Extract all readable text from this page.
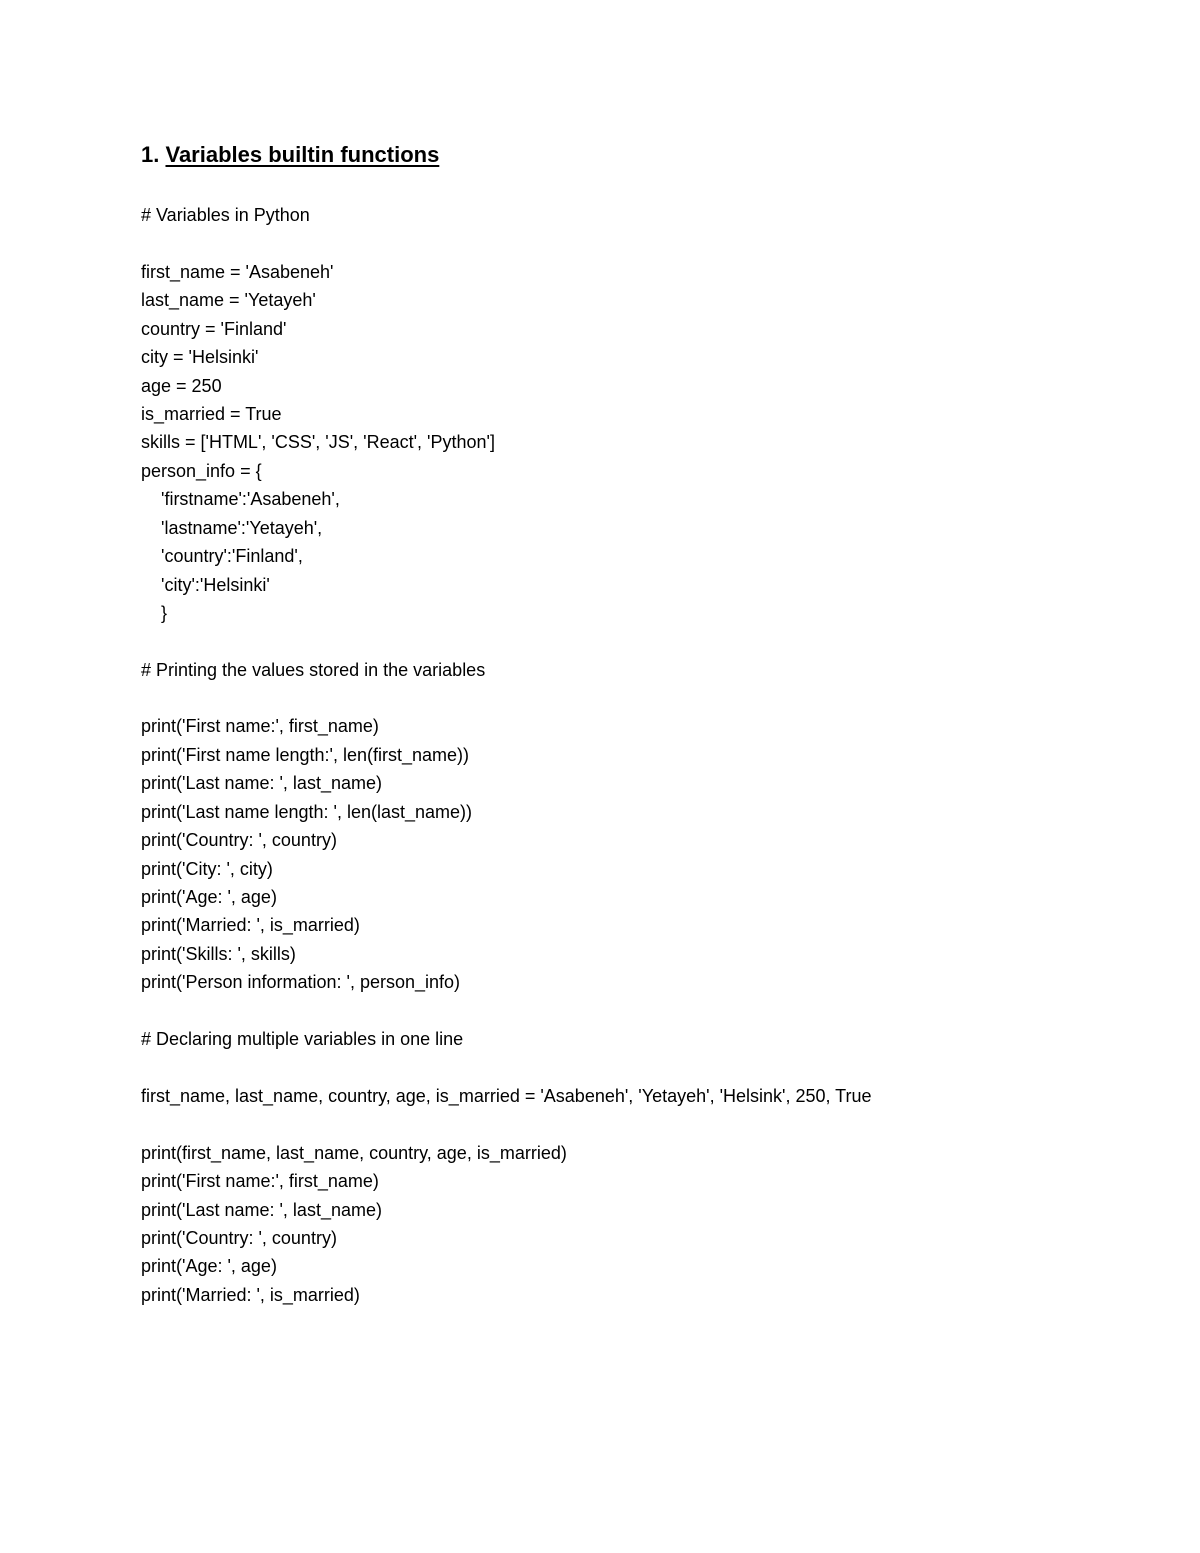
1. Variables builtin functions

# Variables in Python

first_name = 'Asabeneh'

last_name = 'Yetayeh'

country = 'Finland'

city = 'Helsinki'

age = 250

is_married = True

skills = ['HTML', 'CSS', 'JS', 'React', 'Python']

person_info = {

'firstname':'Asabeneh',

'lastname':'Yetayeh',

'country':'Finland',

'city':'Helsinki'

}

# Printing the values stored in the variables

print('First name:', first_name)

print('First name length:', len(first_name))

print('Last name: ', last_name)

print('Last name length: ', len(last_name))

print('Country: ', country)

print('City: ', city)

print('Age: ', age)

print('Married: ', is_married)

print('Skills: ', skills)

print('Person information: ', person_info)

# Declaring multiple variables in one line

first_name, last_name, country, age, is_married = 'Asabeneh', 'Yetayeh', 'Helsink', 250, True

print(first_name, last_name, country, age, is_married)

print('First name:', first_name)

print('Last name: ', last_name)

print('Country: ', country)

print('Age: ', age)

print('Married: ', is_married)
